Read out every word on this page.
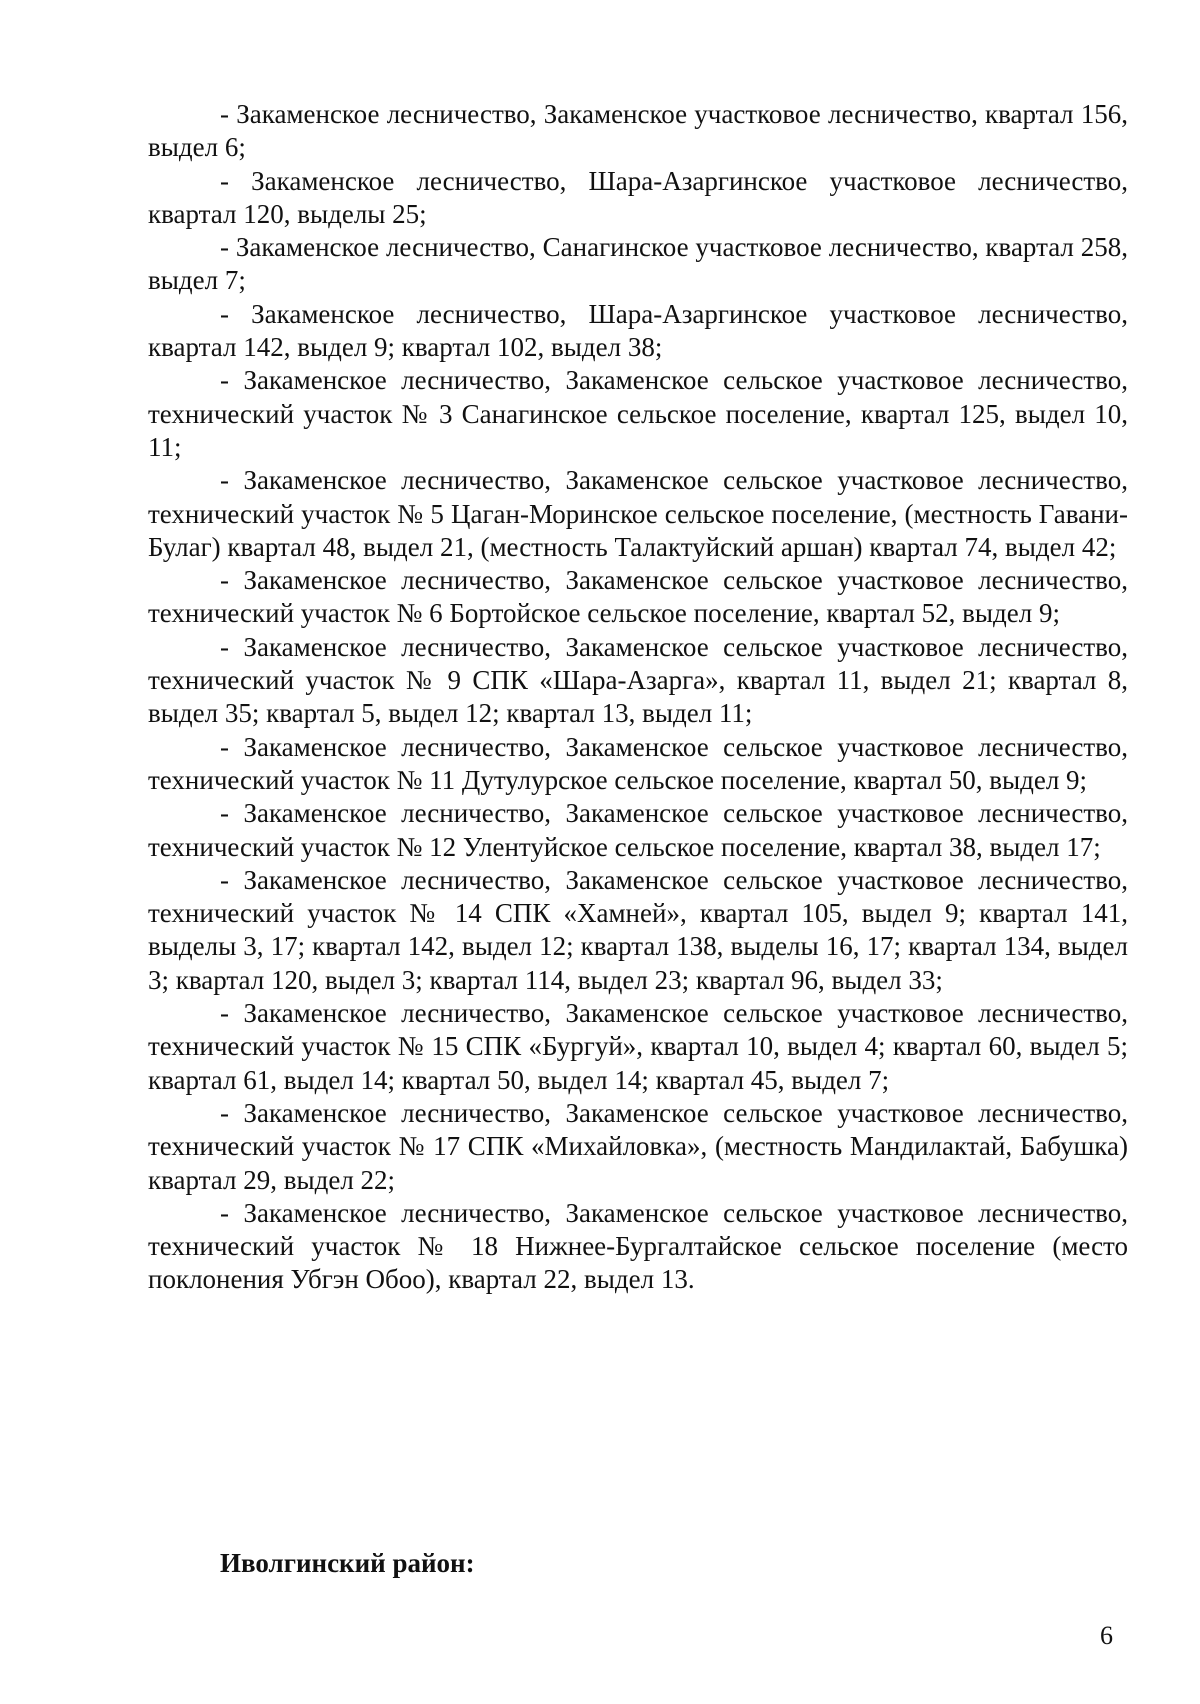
- Закаменское лесничество, Закаменское участковое лесничество, квартал 156, выдел 6;

- Закаменское лесничество, Шара-Азаргинское участковое лесничество, квартал 120, выделы 25;

- Закаменское лесничество, Санагинское участковое лесничество, квартал 258, выдел 7;

- Закаменское лесничество, Шара-Азаргинское участковое лесничество, квартал 142, выдел 9; квартал 102, выдел 38;

- Закаменское лесничество, Закаменское сельское участковое лесничество, технический участок № 3 Санагинское сельское поселение, квартал 125, выдел 10, 11;

- Закаменское лесничество, Закаменское сельское участковое лесничество, технический участок № 5 Цаган-Моринское сельское поселение, (местность Гавани-Булаг) квартал 48, выдел 21, (местность Талактуйский аршан) квартал 74, выдел 42;

- Закаменское лесничество, Закаменское сельское участковое лесничество, технический участок № 6 Бортойское сельское поселение, квартал 52, выдел 9;

- Закаменское лесничество, Закаменское сельское участковое лесничество, технический участок № 9 СПК «Шара-Азарга», квартал 11, выдел 21; квартал 8, выдел 35; квартал 5, выдел 12; квартал 13, выдел 11;

- Закаменское лесничество, Закаменское сельское участковое лесничество, технический участок № 11 Дутулурское сельское поселение, квартал 50, выдел 9;

- Закаменское лесничество, Закаменское сельское участковое лесничество, технический участок № 12 Улентуйское сельское поселение, квартал 38, выдел 17;

- Закаменское лесничество, Закаменское сельское участковое лесничество, технический участок № 14 СПК «Хамней», квартал 105, выдел 9; квартал 141, выделы 3, 17; квартал 142, выдел 12; квартал 138, выделы 16, 17; квартал 134, выдел 3; квартал 120, выдел 3; квартал 114, выдел 23; квартал 96, выдел 33;

- Закаменское лесничество, Закаменское сельское участковое лесничество, технический участок № 15 СПК «Бургуй», квартал 10, выдел 4; квартал 60, выдел 5; квартал 61, выдел 14; квартал 50, выдел 14; квартал 45, выдел 7;

- Закаменское лесничество, Закаменское сельское участковое лесничество, технический участок № 17 СПК «Михайловка», (местность Мандилактай, Бабушка) квартал 29, выдел 22;

- Закаменское лесничество, Закаменское сельское участковое лесничество, технический участок № 18 Нижнее-Бургалтайское сельское поселение (место поклонения Убгэн Обоо), квартал 22, выдел 13.

Иволгинский район:
6
